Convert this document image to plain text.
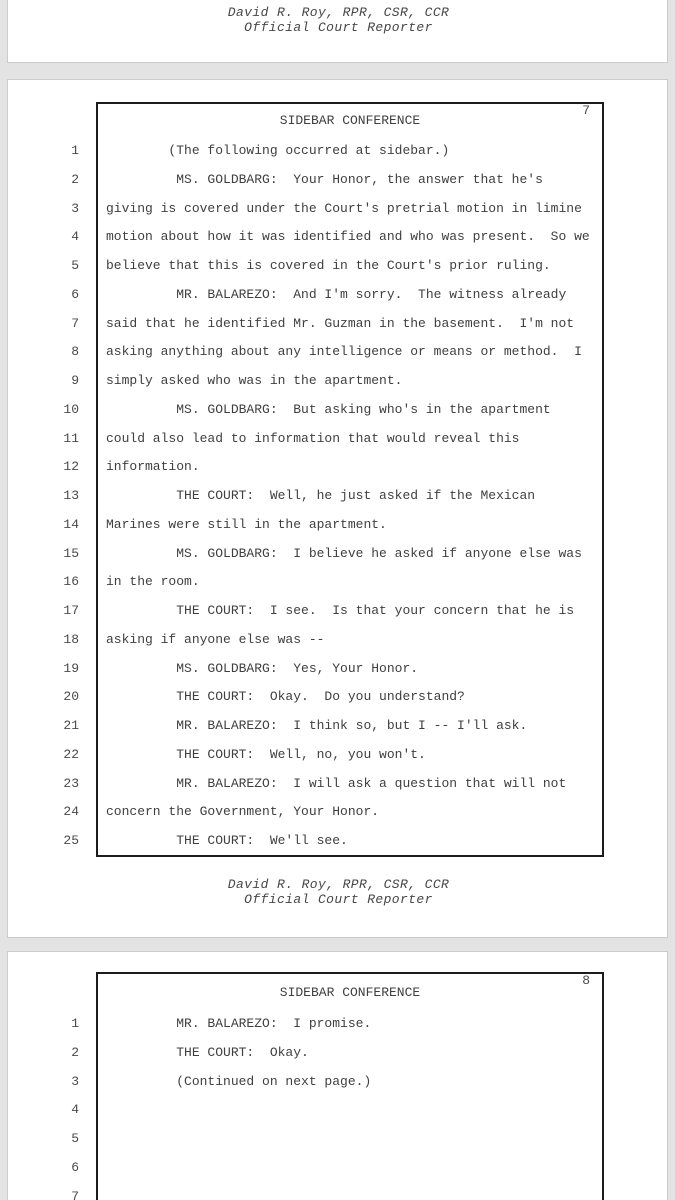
David R. Roy, RPR, CSR, CCR
Official Court Reporter
7
SIDEBAR CONFERENCE
1	(The following occurred at sidebar.)
2	MS. GOLDBARG:  Your Honor, the answer that he's
3	giving is covered under the Court's pretrial motion in limine
4	motion about how it was identified and who was present.  So we
5	believe that this is covered in the Court's prior ruling.
6	MR. BALAREZO:  And I'm sorry.  The witness already
7	said that he identified Mr. Guzman in the basement.  I'm not
8	asking anything about any intelligence or means or method.  I
9	simply asked who was in the apartment.
10	MS. GOLDBARG:  But asking who's in the apartment
11	could also lead to information that would reveal this
12	information.
13	THE COURT:  Well, he just asked if the Mexican
14	Marines were still in the apartment.
15	MS. GOLDBARG:  I believe he asked if anyone else was
16	in the room.
17	THE COURT:  I see.  Is that your concern that he is
18	asking if anyone else was --
19	MS. GOLDBARG:  Yes, Your Honor.
20	THE COURT:  Okay.  Do you understand?
21	MR. BALAREZO:  I think so, but I -- I'll ask.
22	THE COURT:  Well, no, you won't.
23	MR. BALAREZO:  I will ask a question that will not
24	concern the Government, Your Honor.
25	THE COURT:  We'll see.
David R. Roy, RPR, CSR, CCR
Official Court Reporter
8
SIDEBAR CONFERENCE
1	MR. BALAREZO:  I promise.
2	THE COURT:  Okay.
3	(Continued on next page.)
4
5
6
7
